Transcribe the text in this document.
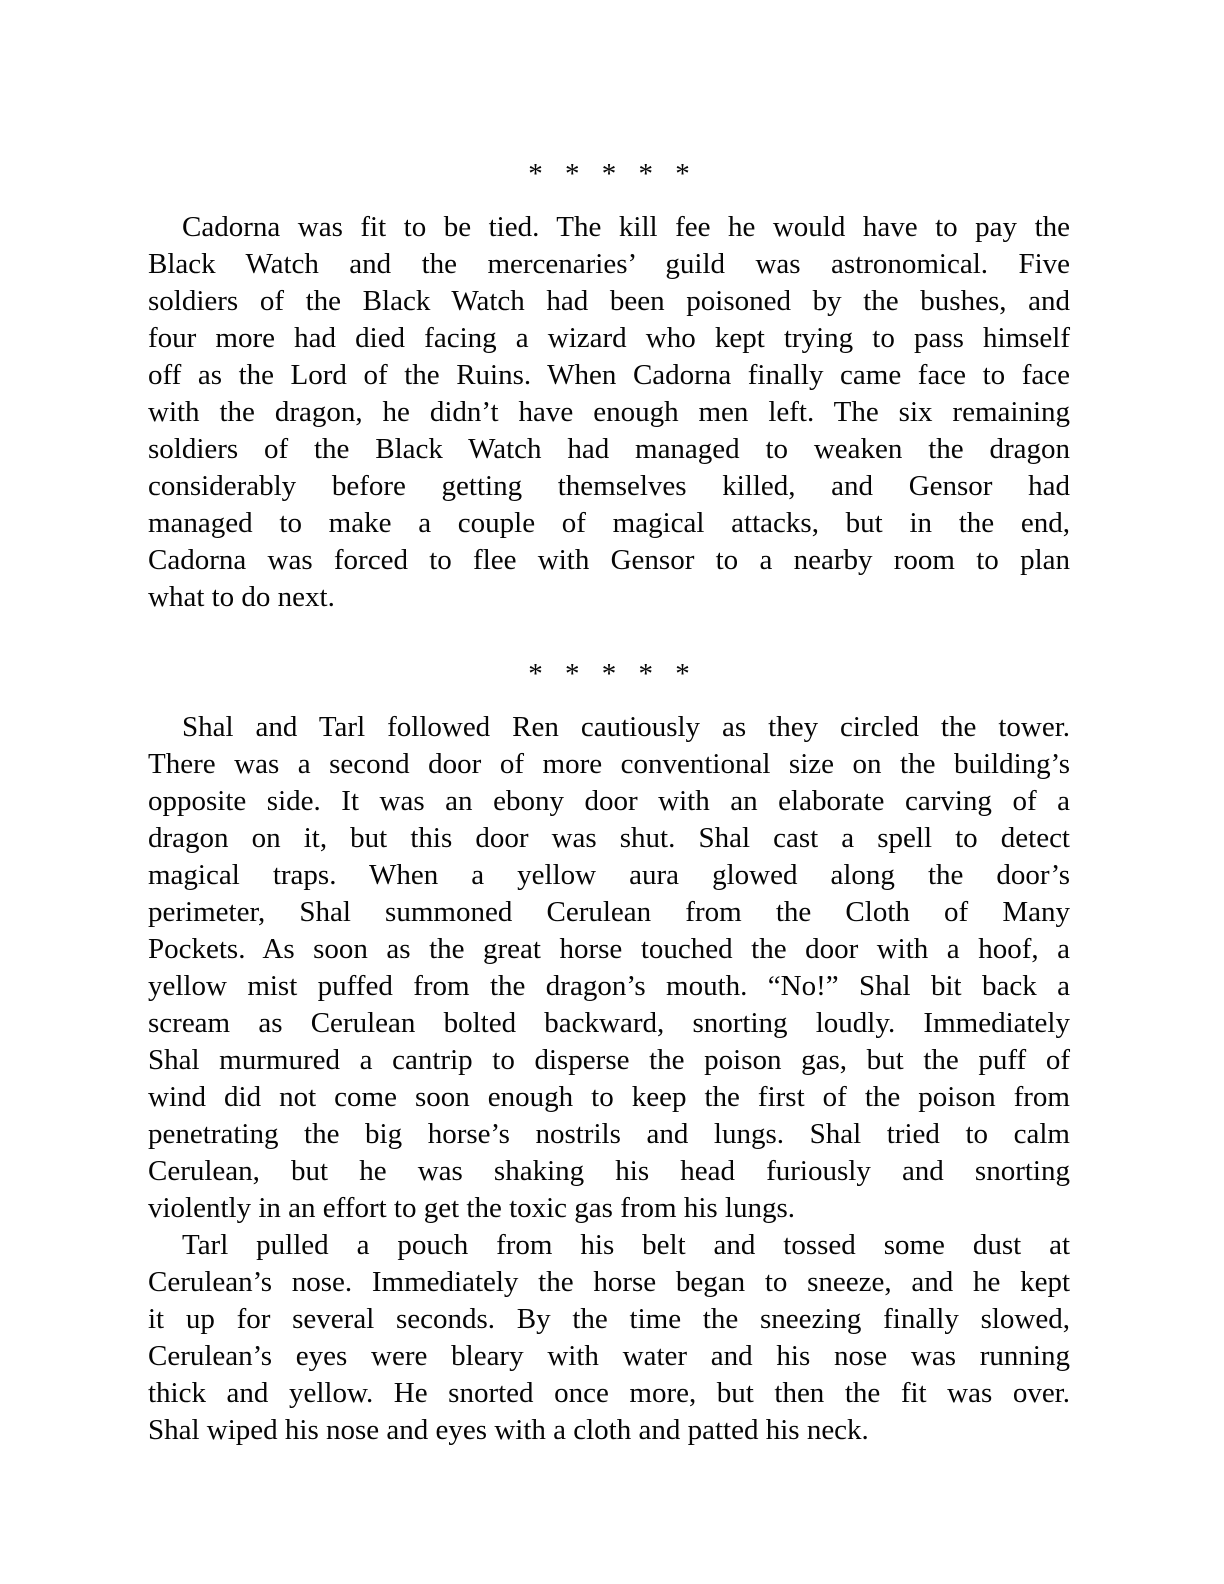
* * * * *
Cadorna was fit to be tied. The kill fee he would have to pay the
Black Watch and the mercenaries’ guild was astronomical. Five
soldiers of the Black Watch had been poisoned by the bushes, and
four more had died facing a wizard who kept trying to pass himself
off as the Lord of the Ruins. When Cadorna finally came face to face
with the dragon, he didn’t have enough men left. The six remaining
soldiers of the Black Watch had managed to weaken the dragon
considerably before getting themselves killed, and Gensor had
managed to make a couple of magical attacks, but in the end,
Cadorna was forced to flee with Gensor to a nearby room to plan
what to do next.
* * * * *
Shal and Tarl followed Ren cautiously as they circled the tower.
There was a second door of more conventional size on the building’s
opposite side. It was an ebony door with an elaborate carving of a
dragon on it, but this door was shut. Shal cast a spell to detect
magical traps. When a yellow aura glowed along the door’s
perimeter, Shal summoned Cerulean from the Cloth of Many
Pockets. As soon as the great horse touched the door with a hoof, a
yellow mist puffed from the dragon’s mouth. “No!” Shal bit back a
scream as Cerulean bolted backward, snorting loudly. Immediately
Shal murmured a cantrip to disperse the poison gas, but the puff of
wind did not come soon enough to keep the first of the poison from
penetrating the big horse’s nostrils and lungs. Shal tried to calm
Cerulean, but he was shaking his head furiously and snorting
violently in an effort to get the toxic gas from his lungs.
Tarl pulled a pouch from his belt and tossed some dust at
Cerulean’s nose. Immediately the horse began to sneeze, and he kept
it up for several seconds. By the time the sneezing finally slowed,
Cerulean’s eyes were bleary with water and his nose was running
thick and yellow. He snorted once more, but then the fit was over.
Shal wiped his nose and eyes with a cloth and patted his neck.
